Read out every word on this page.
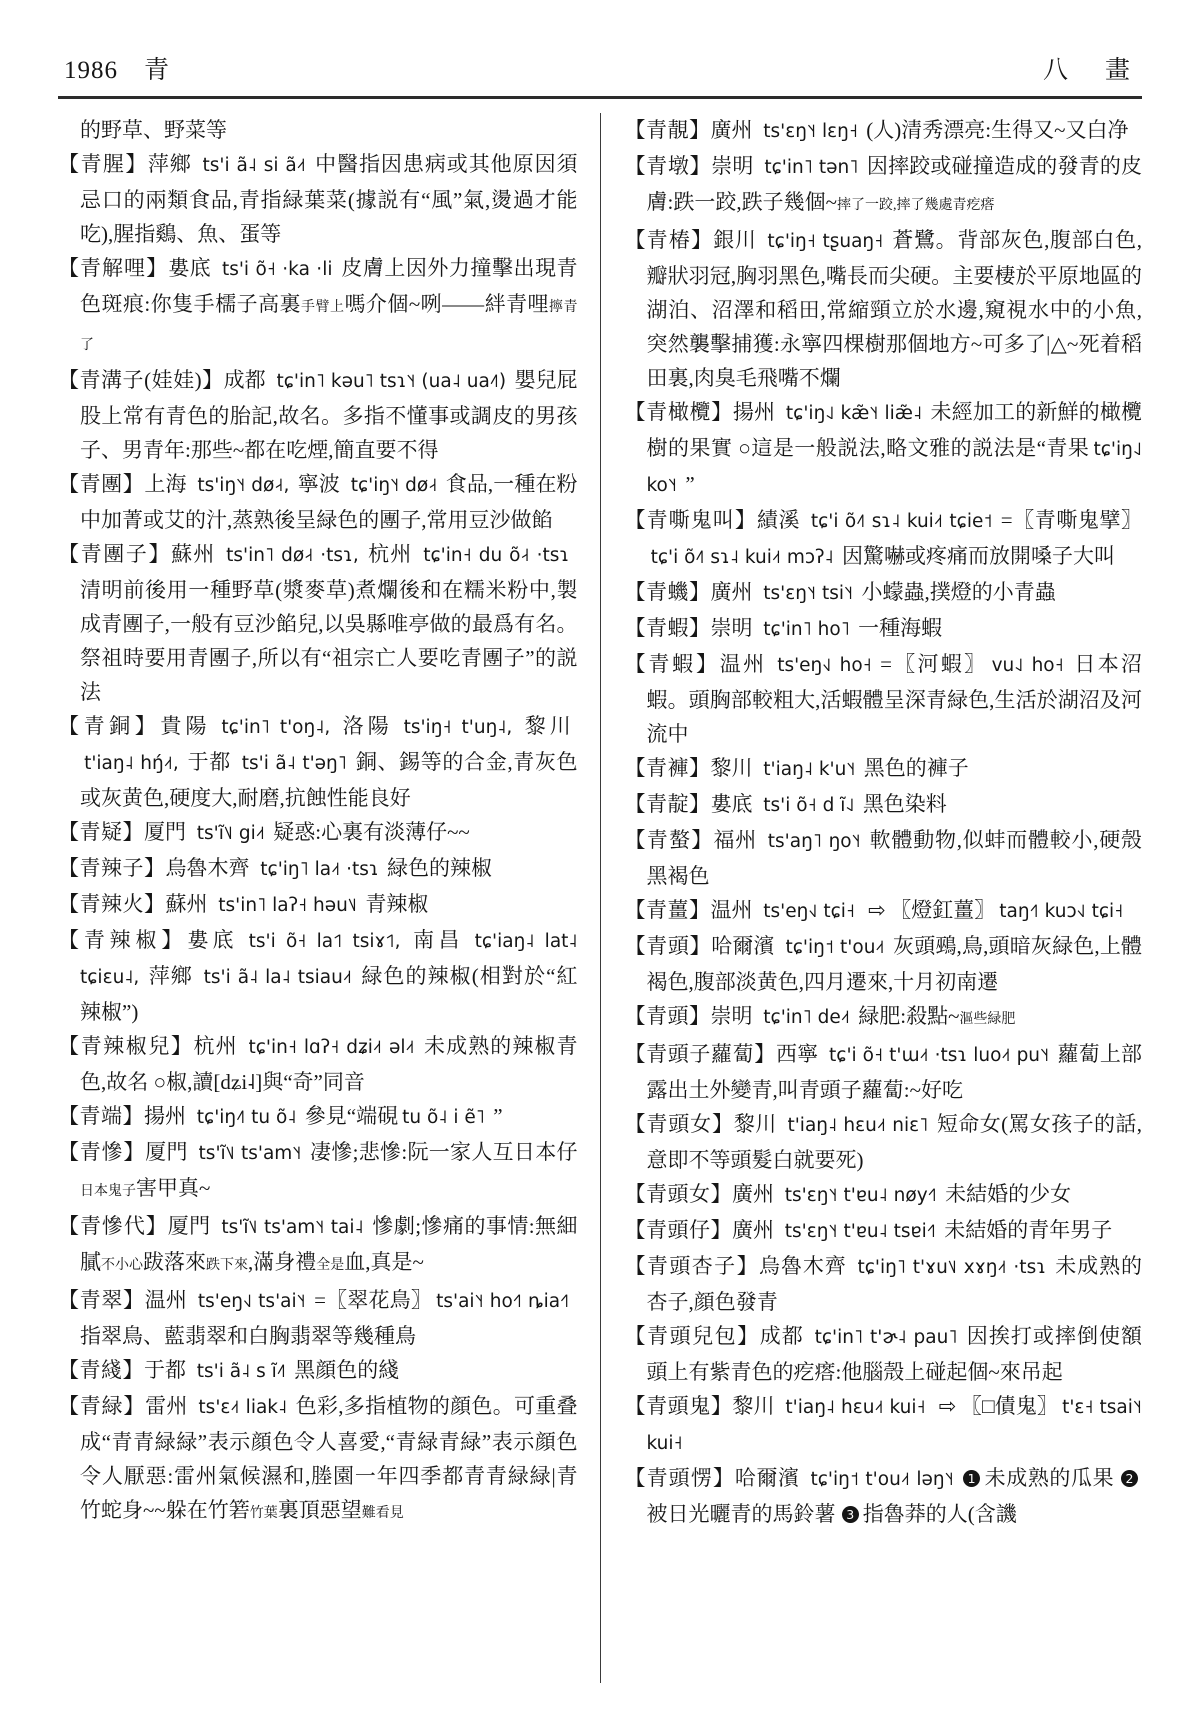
1986 青	八　畫
的野草、野菜等
【青腥】萍鄉 ts'i ã˨ si ã˨˦ 中醫指因患病或其他原因須忌口的兩類食品,青指緑葉菜(據説有“風”氣,燙過才能吃),腥指鷄、魚、蛋等
【青解哩】婁底 ts'i õ˧ ·ka ·li 皮膚上因外力撞擊出現青色斑痕:你隻手檽子高裏手臂上嗎介個~咧——絆青哩擰青了
【青溝子(娃娃)】成都 tɕ'in˥ kəu˥ tsɿ˥˧ (ua˨ ua˨˥) 嬰兒屁股上常有青色的胎記,故名。多指不懂事或調皮的男孩子、男青年:那些~都在吃煙,簡直要不得
【青團】上海 ts'iŋ˥˧ dø˨˧, 寧波 tɕ'iŋ˥˧ dø˨˧ 食品,一種在粉中加菁或艾的汁,蒸熟後呈緑色的團子,常用豆沙做餡
【青團子】蘇州 ts'in˥ dø˨˧ ·tsɿ, 杭州 tɕ'in˧ du õ˨˧ ·tsɿ清明前後用一種野草(漿麥草)煮爛後和在糯米粉中,製成青團子,一般有豆沙餡兒,以吳縣唯亭做的最爲有名。祭祖時要用青團子,所以有“祖宗亡人要吃青團子”的説法
【青銅】貴陽 tɕ'in˥ t'oŋ˨, 洛陽 ts'iŋ˧ t'uŋ˨, 黎川t'iaŋ˨ hŋ́˨˦, 于都 ts'i ã˨ t'əŋ˥ 銅、錫等的合金,青灰色或灰黄色,硬度大,耐磨,抗蝕性能良好
【青疑】厦門 ts'ĩ˥˩ gi˨˦ 疑惑:心裏有淡薄仔~~
【青辣子】烏魯木齊 tɕ'iŋ˥ la˨˦ ·tsɿ 緑色的辣椒
【青辣火】蘇州 ts'in˥ laʔ˧ həu˥˩ 青辣椒
【青辣椒】婁底 ts'i õ˧ la˦˥ tsiɤ˦˥, 南昌 tɕ'iaŋ˨ lat˨ tɕiɛu˨, 萍鄉 ts'i ã˨ la˨ tsiau˨˦ 緑色的辣椒(相對於“紅辣椒”)
【青辣椒兒】杭州 tɕ'in˧ lɑʔ˧ dʑi˨˦ əl˨˦ 未成熟的辣椒青色,故名 ○椒,讀[dʑi˨]與“奇”同音
【青端】揚州 tɕ'iŋ˨˥ tu õ˨ 參見“端硯 tu õ˨ i ẽ˥ ”
【青慘】厦門 ts'ĩ˥˩ ts'am˥˧ 凄慘;悲慘:阮一家人互日本仔日本鬼子害甲真~
【青慘代】厦門 ts'ĩ˥˩ ts'am˥˧ tai˨ 慘劇;慘痛的事情:無細膩不小心跋落來跌下來,滿身禮全是血,真是~
【青翠】温州 ts'eŋ˧˩ ts'ai˥˧ =〖翠花鳥〗 ts'ai˥˧ ho˧˥ ȵia˧˥指翠鳥、藍翡翠和白胸翡翠等幾種鳥
【青綫】于都 ts'i ã˨ s ĩ˨˥ 黑顔色的綫
【青緑】雷州 ts'ɛ˨˦ liak˨ 色彩,多指植物的顔色。可重叠成“青青緑緑”表示顔色令人喜愛,“青緑青緑”表示顔色令人厭惡:雷州氣候濕和,塍園一年四季都青青緑緑|青竹蛇身~~躲在竹箬竹葉裏頂惡望難看見
【青靚】廣州 ts'ɛŋ˥˧ lɛŋ˧ (人)清秀漂亮:生得又~又白净
【青墩】崇明 tɕ'in˥ tən˥ 因摔跤或碰撞造成的發青的皮膚:跌一跤,跌子幾個~摔了一跤,摔了幾處青疙瘩
【青椿】銀川 tɕ'iŋ˧ tʂuaŋ˧ 蒼鷺。背部灰色,腹部白色,瓣狀羽冠,胸羽黑色,嘴長而尖硬。主要棲於平原地區的湖泊、沼澤和稻田,常縮頸立於水邊,窺視水中的小魚,突然襲擊捕獲:永寧四棵樹那個地方~可多了|△~死着稻田裏,肉臭毛飛嘴不爛
【青橄欖】揚州 tɕ'iŋ˨˩ kæ̃˥˧ liæ̃˨ 未經加工的新鮮的橄欖樹的果實 ○這是一般説法,略文雅的説法是“青果 tɕ'iŋ˨˩ ko˥˧ ”
【青嘶鬼叫】績溪 tɕ'i õ˨˥ sɿ˨ kui˨˦ tɕie˦ =〖青嘶鬼擘〗tɕ'i õ˨˥ sɿ˨ kui˨˦ mɔʔ˨ 因驚嚇或疼痛而放開嗓子大叫
【青蟣】廣州 ts'ɛŋ˥˧ tsi˥˧ 小蠓蟲,撲燈的小青蟲
【青蝦】崇明 tɕ'in˥ ho˥ 一種海蝦
【青蝦】温州 ts'eŋ˧˩ ho˧ =〖河蝦〗 vu˨˩ ho˧ 日本沼蝦。頭胸部較粗大,活蝦體呈深青緑色,生活於湖沼及河流中
【青褲】黎川 t'iaŋ˨ k'u˥˧ 黑色的褲子
【青靛】婁底 ts'i õ˧ d ĩ˨˩ 黑色染料
【青螯】福州 ts'aŋ˥ ŋo˥˧ 軟體動物,似蚌而體較小,硬殼黑褐色
【青薑】温州 ts'eŋ˧˩ tɕi˧ ⇨ 〖燈釭薑〗 taŋ˧˥ kuɔ˧˩ tɕi˧
【青頭】哈爾濱 tɕ'iŋ˦ t'ou˨˦ 灰頭鵐,鳥,頭暗灰緑色,上體褐色,腹部淡黄色,四月遷來,十月初南遷
【青頭】崇明 tɕ'in˥ de˨˦ 緑肥:殺點~漚些緑肥
【青頭子蘿蔔】西寧 tɕ'i õ˧ t'ɯ˨˦ ·tsɿ luo˨˦ pu˥˧ 蘿蔔上部露出土外變青,叫青頭子蘿蔔:~好吃
【青頭女】黎川 t'iaŋ˨ hɛu˨˦ niɛ˥ 短命女(罵女孩子的話,意即不等頭髮白就要死)
【青頭女】廣州 ts'ɛŋ˥˧ t'ɐu˨ nøy˧˥ 未結婚的少女
【青頭仔】廣州 ts'ɛŋ˥˧ t'ɐu˨ tsɐi˧˥ 未結婚的青年男子
【青頭杏子】烏魯木齊 tɕ'iŋ˥ t'ɤu˥˩ xɤŋ˨˦ ·tsɿ 未成熟的杏子,顔色發青
【青頭兒包】成都 tɕ'in˥ t'ɚ˨ pau˥ 因挨打或摔倒使額頭上有紫青色的疙瘩:他腦殼上碰起個~來吊起
【青頭鬼】黎川 t'iaŋ˨ hɛu˨˦ kui˧ ⇨ 〖□債鬼〗 t'ɛ˧ tsai˥˧ kui˧
【青頭愣】哈爾濱 tɕ'iŋ˦ t'ou˨˦ ləŋ˥˧ 1 未成熟的瓜果 2被日光曬青的馬鈴薯 3 指魯莽的人(含譏
